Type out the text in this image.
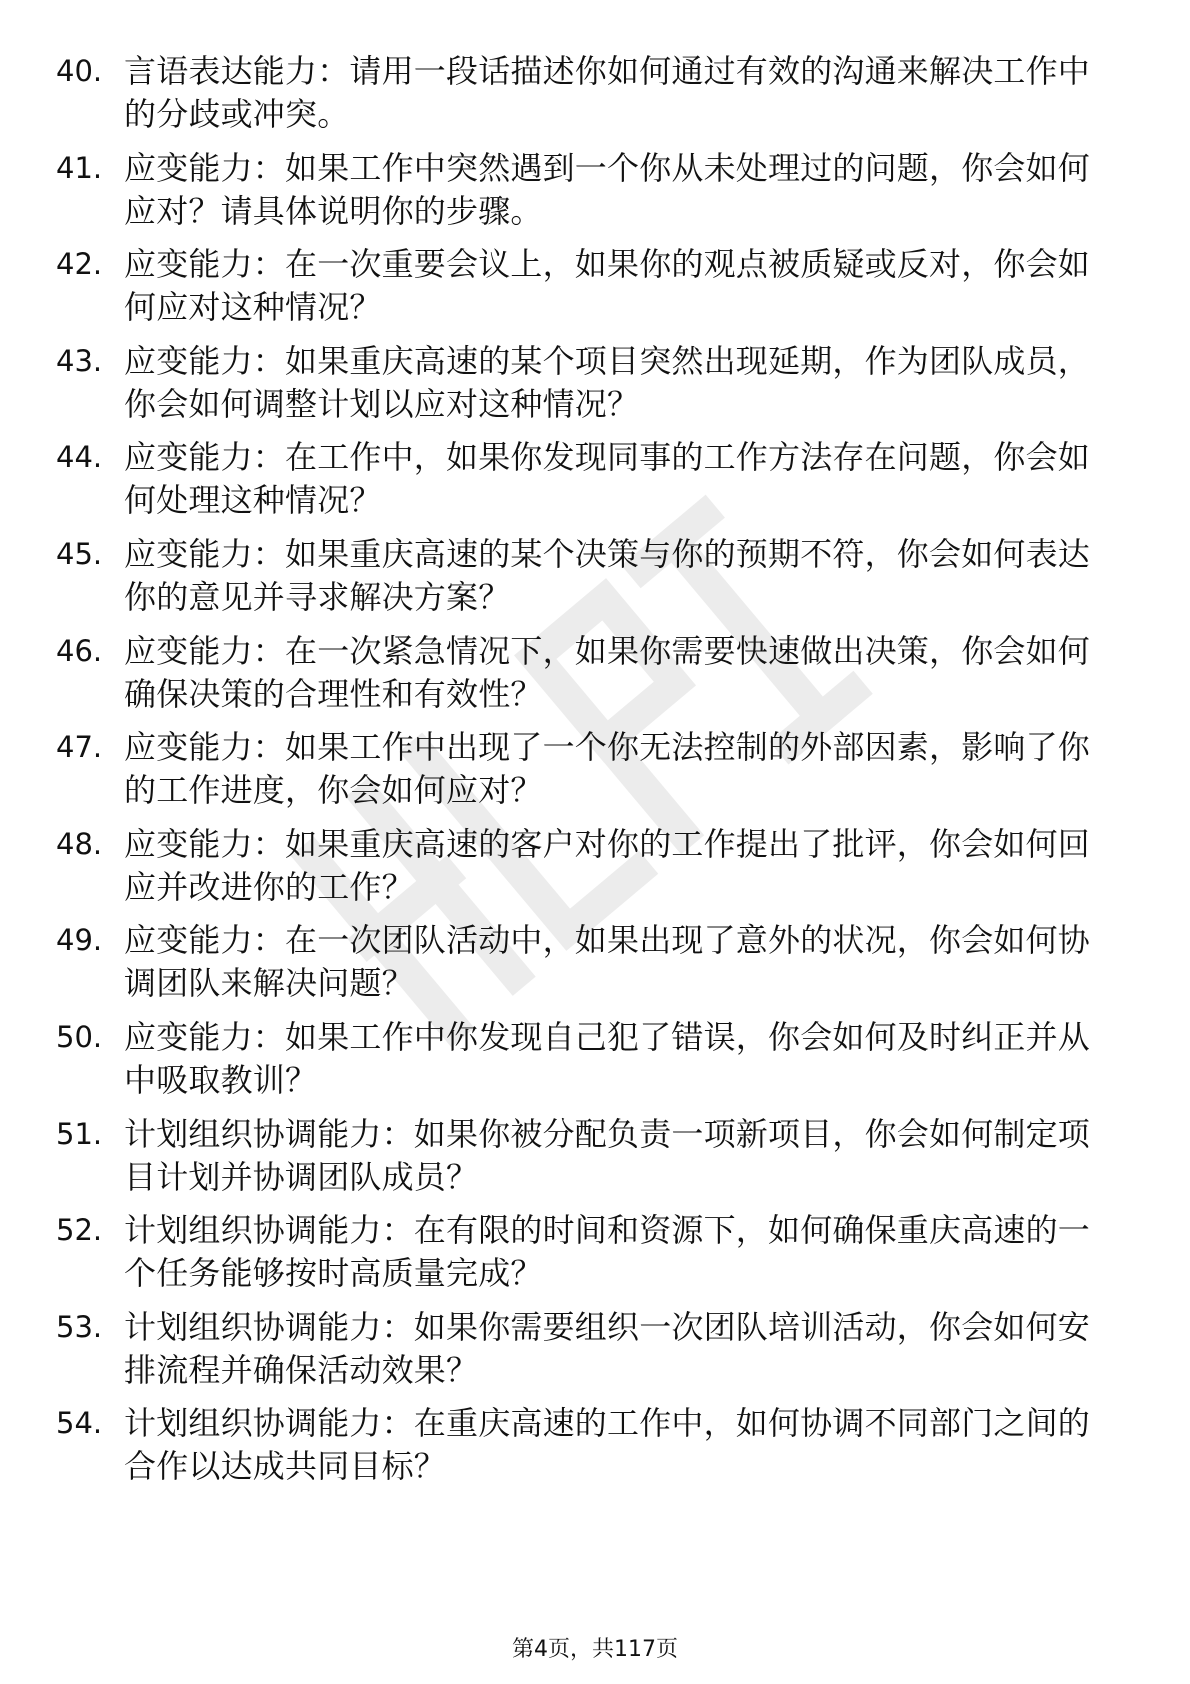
40. 言语表达能力：请用一段话描述你如何通过有效的沟通来解决工作中的分歧或冲突。
41. 应变能力：如果工作中突然遇到一个你从未处理过的问题，你会如何应对？请具体说明你的步骤。
42. 应变能力：在一次重要会议上，如果你的观点被质疑或反对，你会如何应对这种情况？
43. 应变能力：如果重庆高速的某个项目突然出现延期，作为团队成员，你会如何调整计划以应对这种情况？
44. 应变能力：在工作中，如果你发现同事的工作方法存在问题，你会如何处理这种情况？
45. 应变能力：如果重庆高速的某个决策与你的预期不符，你会如何表达你的意见并寻求解决方案？
46. 应变能力：在一次紧急情况下，如果你需要快速做出决策，你会如何确保决策的合理性和有效性？
47. 应变能力：如果工作中出现了一个你无法控制的外部因素，影响了你的工作进度，你会如何应对？
48. 应变能力：如果重庆高速的客户对你的工作提出了批评，你会如何回应并改进你的工作？
49. 应变能力：在一次团队活动中，如果出现了意外的状况，你会如何协调团队来解决问题？
50. 应变能力：如果工作中你发现自己犯了错误，你会如何及时纠正并从中吸取教训？
51. 计划组织协调能力：如果你被分配负责一项新项目，你会如何制定项目计划并协调团队成员？
52. 计划组织协调能力：在有限的时间和资源下，如何确保重庆高速的一个任务能够按时高质量完成？
53. 计划组织协调能力：如果你需要组织一次团队培训活动，你会如何安排流程并确保活动效果？
54. 计划组织协调能力：在重庆高速的工作中，如何协调不同部门之间的合作以达成共同目标？
第4页，共117页
